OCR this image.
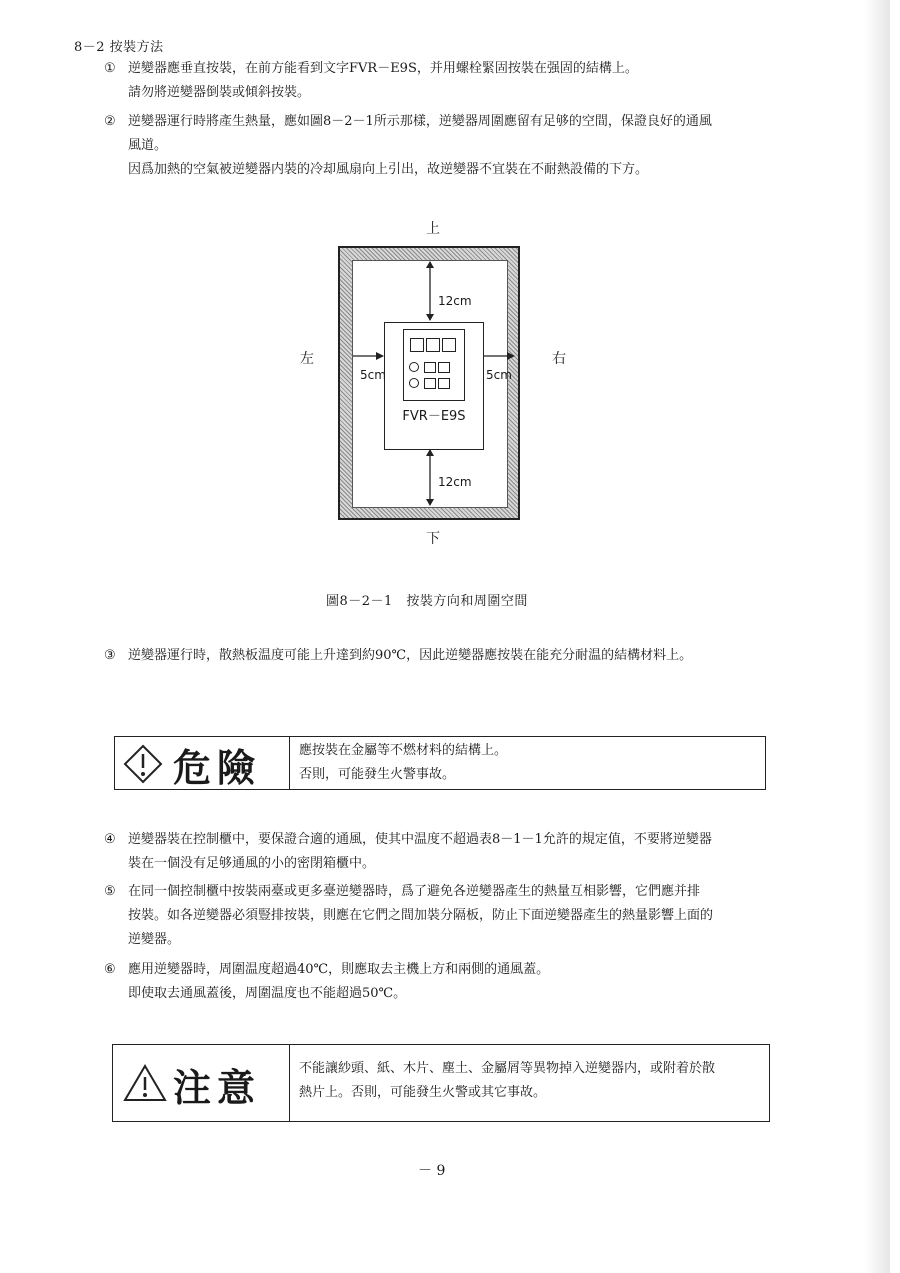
8－2 按裝方法
① 逆變器應垂直按裝，在前方能看到文字FVR－E9S，并用螺栓緊固按裝在强固的結構上。
請勿將逆變器倒裝或傾斜按裝。
② 逆變器運行時將產生熱量，應如圖8－2－1所示那樣，逆變器周圍應留有足够的空間，保證良好的通風
風道。
因爲加熱的空氣被逆變器内裝的冷却風扇向上引出，故逆變器不宜裝在不耐熱設備的下方。
上
下
左	右
FVR－E9S
12cm
12cm
5cm	5cm
圖8－2－1　按裝方向和周圍空間
③ 逆變器運行時，散熱板温度可能上升達到約90℃，因此逆變器應按裝在能充分耐温的結構材料上。
危險	應按裝在金屬等不燃材料的結構上。
否則，可能發生火警事故。
④ 逆變器裝在控制櫃中，要保證合適的通風，使其中温度不超過表8－1－1允許的規定值，不要將逆變器
裝在一個没有足够通風的小的密閉箱櫃中。
⑤ 在同一個控制櫃中按裝兩臺或更多臺逆變器時，爲了避免各逆變器產生的熱量互相影響，它們應并排
按裝。如各逆變器必須豎排按裝，則應在它們之間加裝分隔板，防止下面逆變器產生的熱量影響上面的
逆變器。
⑥ 應用逆變器時，周圍温度超過40℃，則應取去主機上方和兩側的通風蓋。
即使取去通風蓋後，周圍温度也不能超過50℃。
注意	不能讓紗頭、紙、木片、塵土、金屬屑等異物掉入逆變器内，或附着於散
熱片上。否則，可能發生火警或其它事故。
－ 9
